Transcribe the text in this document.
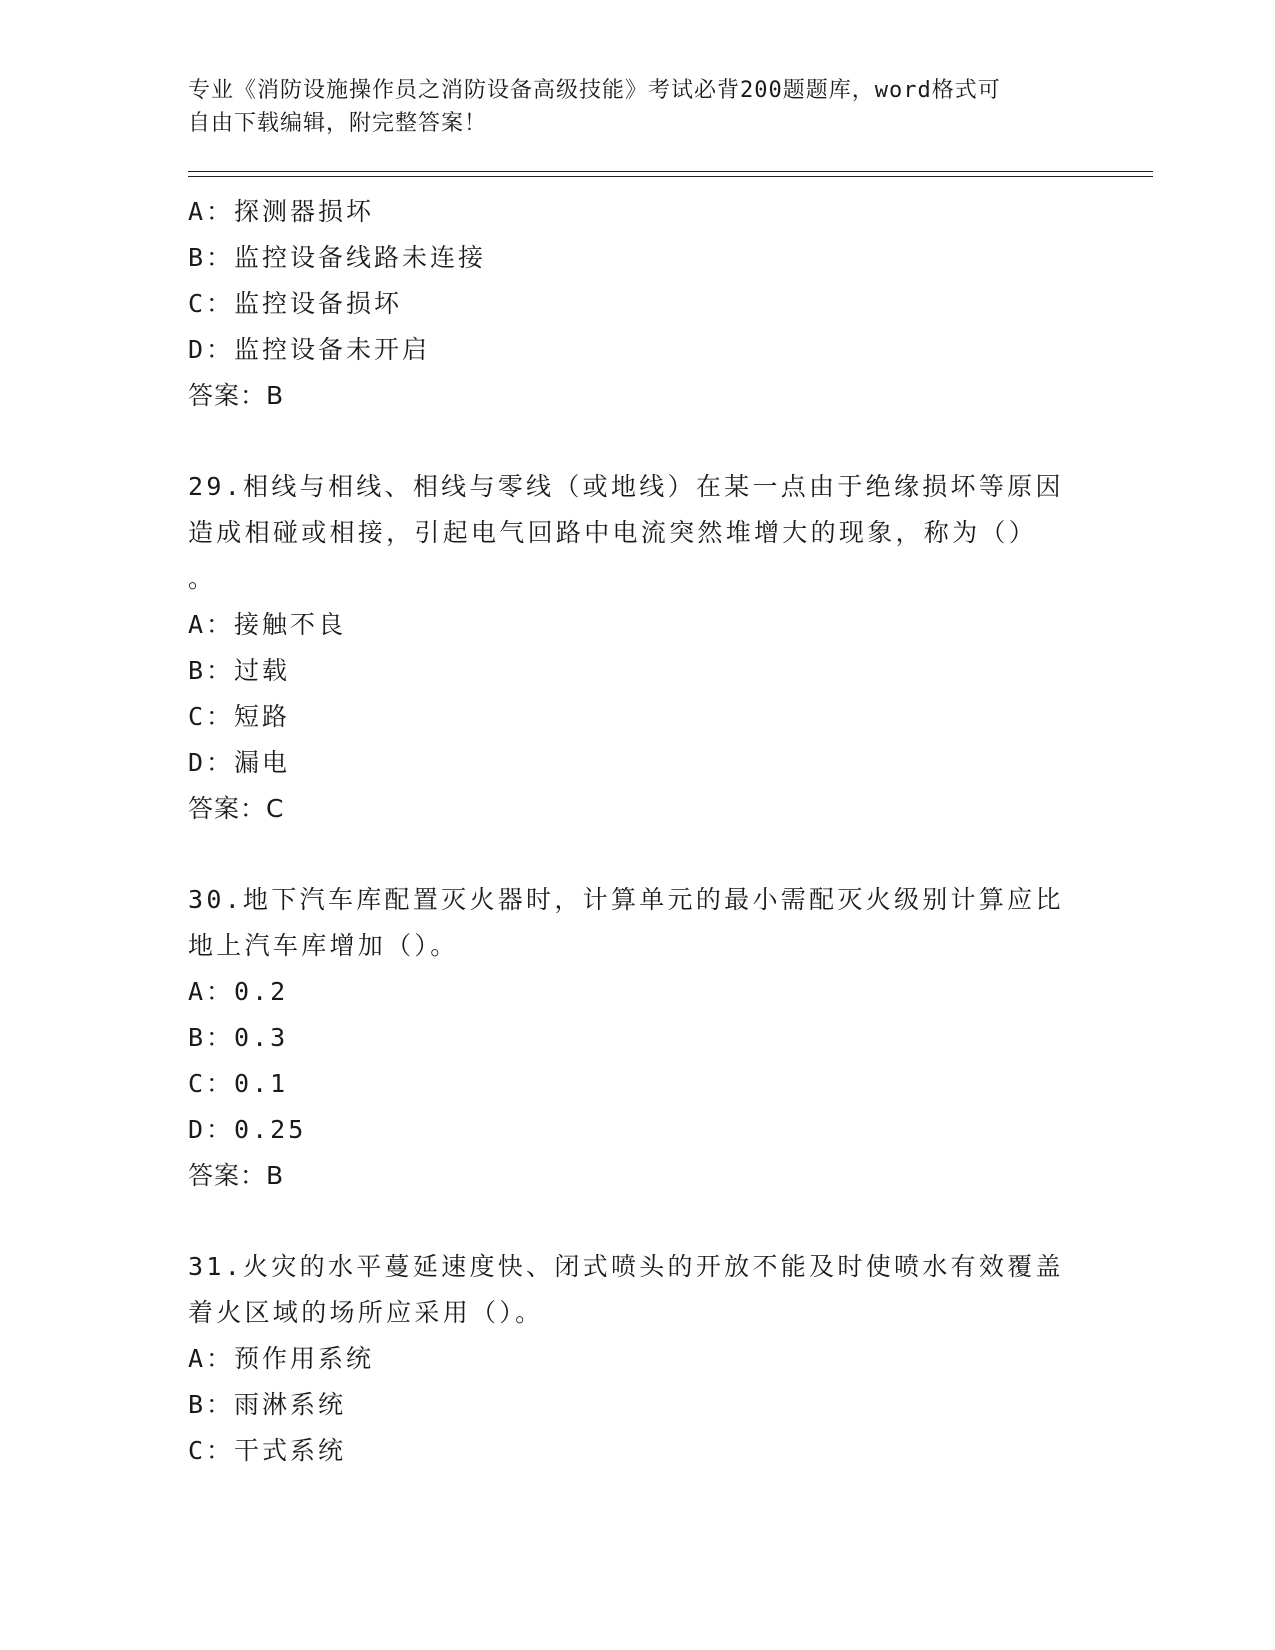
专业《消防设施操作员之消防设备高级技能》考试必背200题题库，word格式可
自由下载编辑，附完整答案！
A：探测器损坏
B：监控设备线路未连接
C：监控设备损坏
D：监控设备未开启
答案：B
29.相线与相线、相线与零线（或地线）在某一点由于绝缘损坏等原因
造成相碰或相接，引起电气回路中电流突然堆增大的现象，称为（）
。
A：接触不良
B：过载
C：短路
D：漏电
答案：C
30.地下汽车库配置灭火器时，计算单元的最小需配灭火级别计算应比
地上汽车库增加（）。
A：0.2
B：0.3
C：0.1
D：0.25
答案：B
31.火灾的水平蔓延速度快、闭式喷头的开放不能及时使喷水有效覆盖
着火区域的场所应采用（）。
A：预作用系统
B：雨淋系统
C：干式系统
